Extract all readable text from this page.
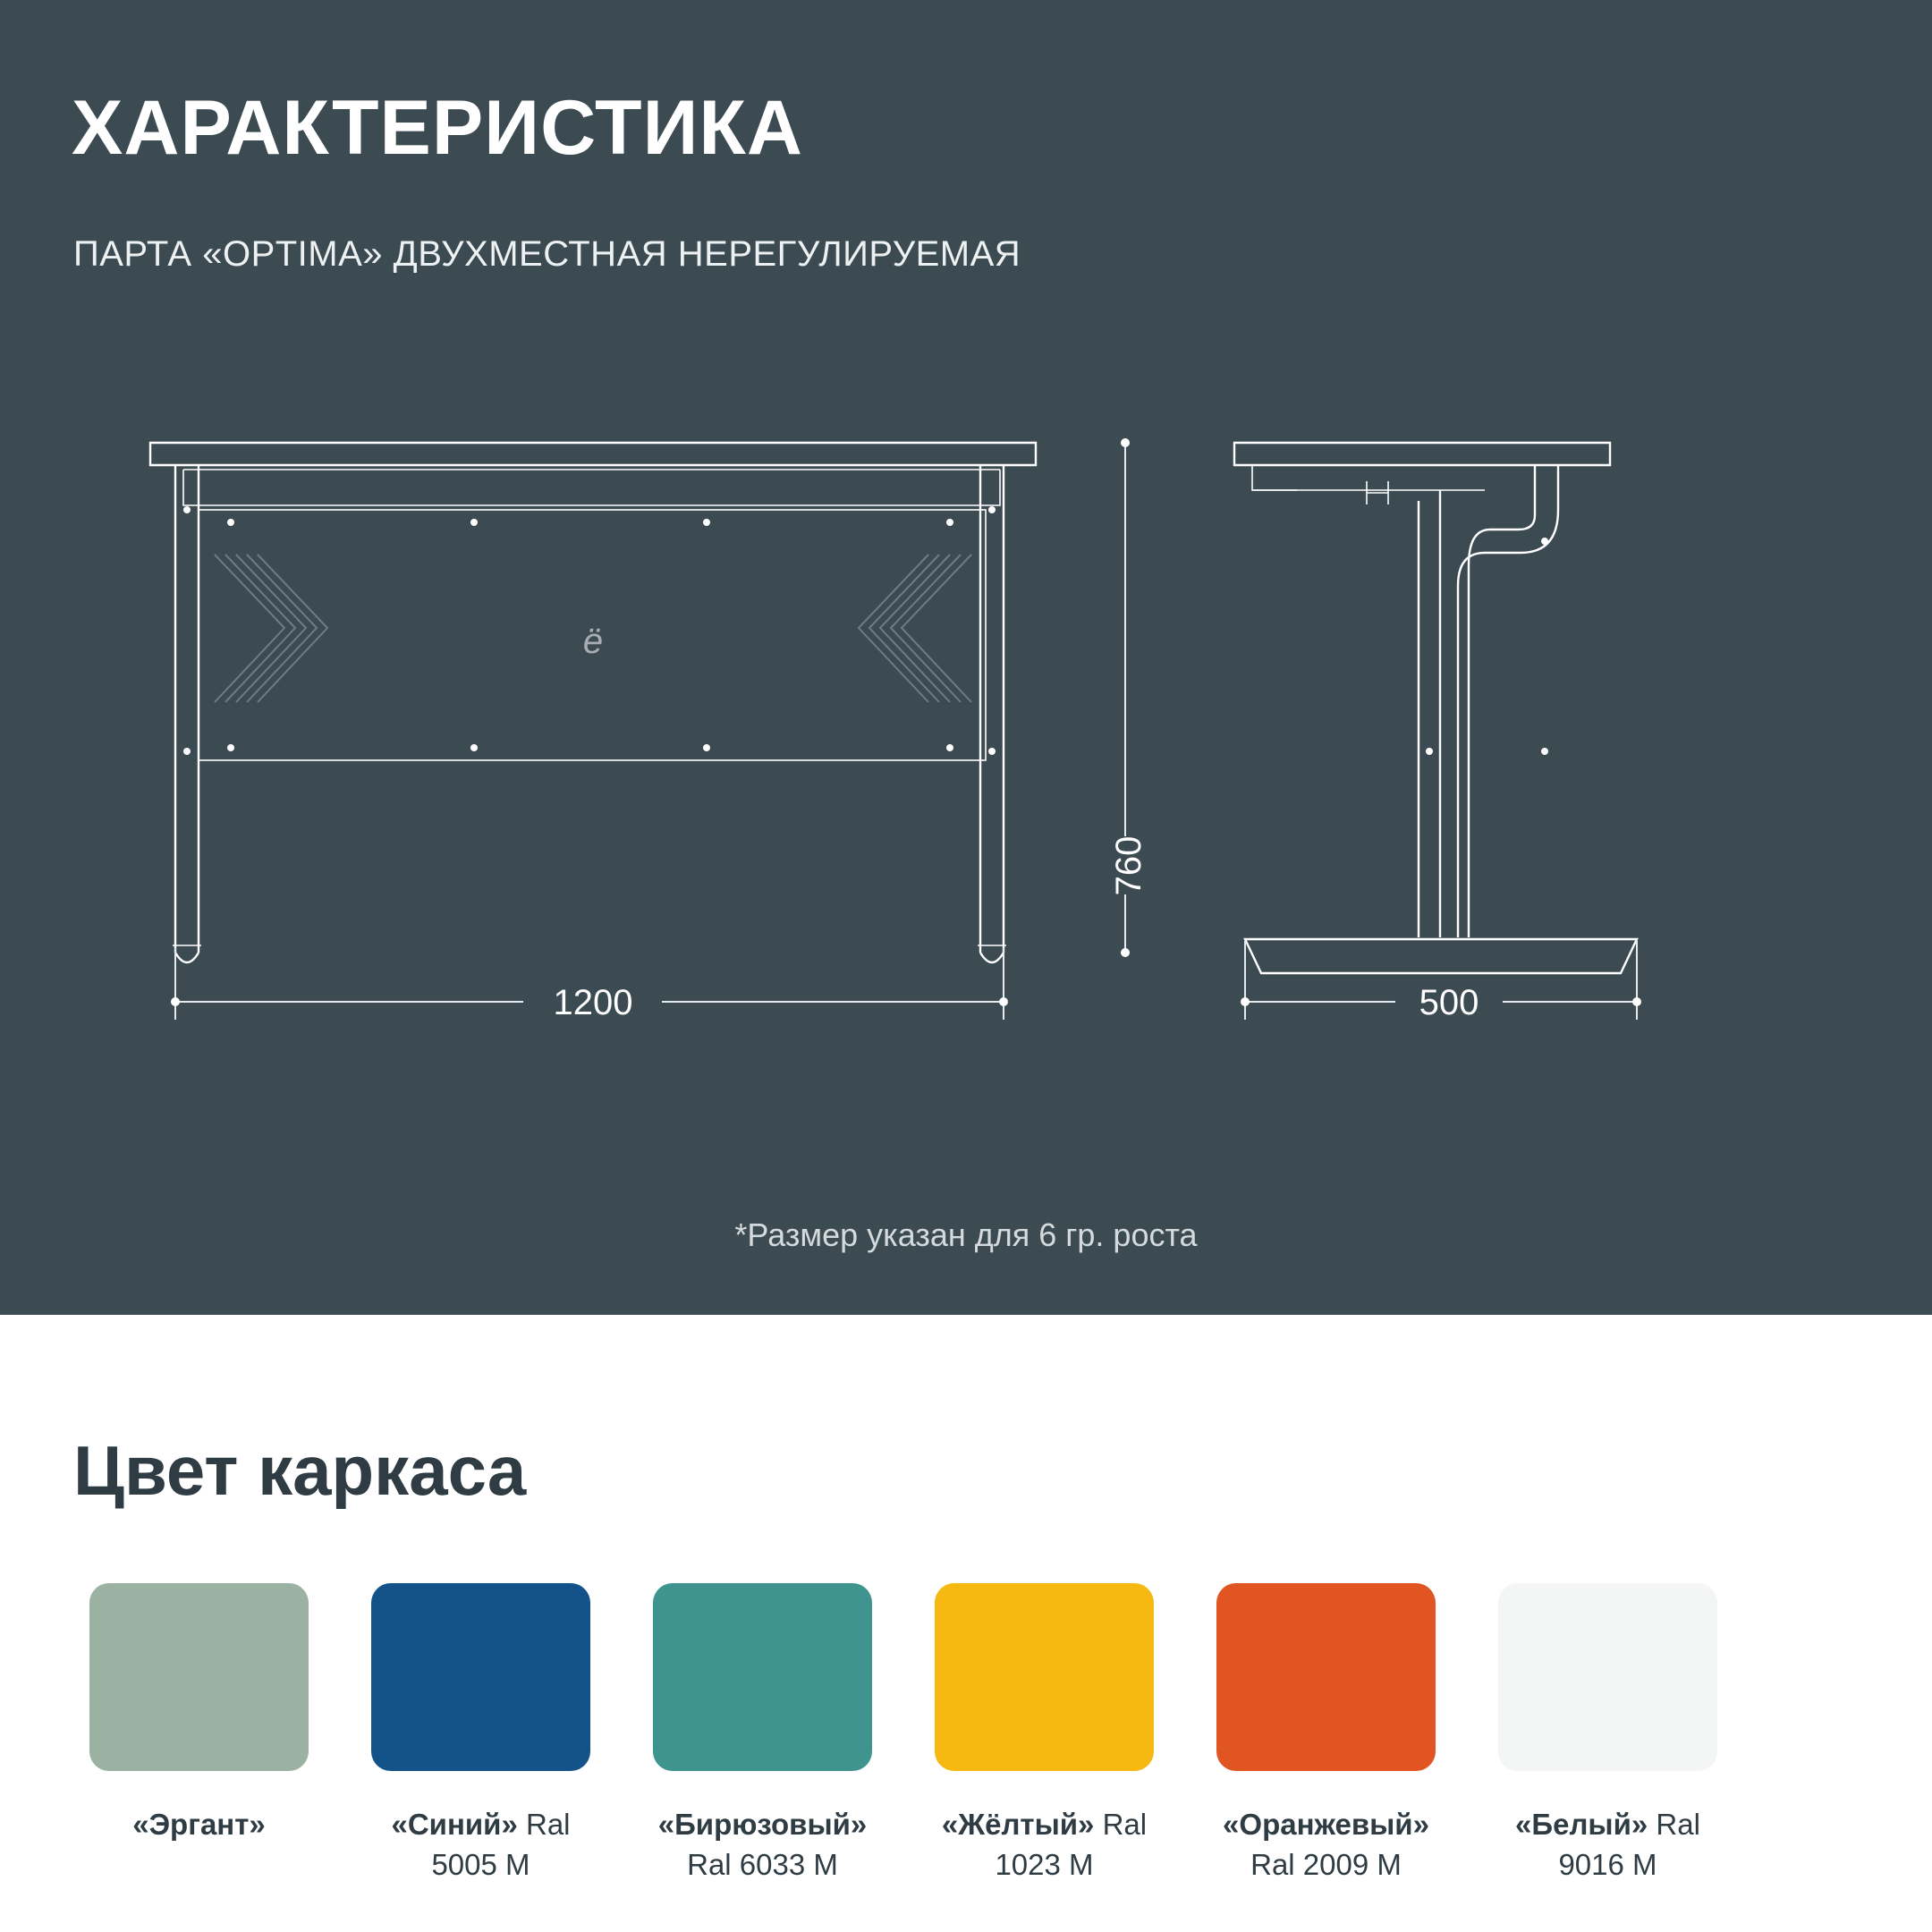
ХАРАКТЕРИСТИКА
ПАРТА «OPTIMA» ДВУХМЕСТНАЯ НЕРЕГУЛИРУЕМАЯ
ё
1200
760
500
*Размер указан для 6 гр. роста
Цвет каркаса
«Эргант»	«Синий» Ral 5005 M
«Бирюзовый» Ral 6033 M
«Жёлтый» Ral 1023 M
«Оранжевый» Ral 2009 M
«Белый» Ral 9016 M
